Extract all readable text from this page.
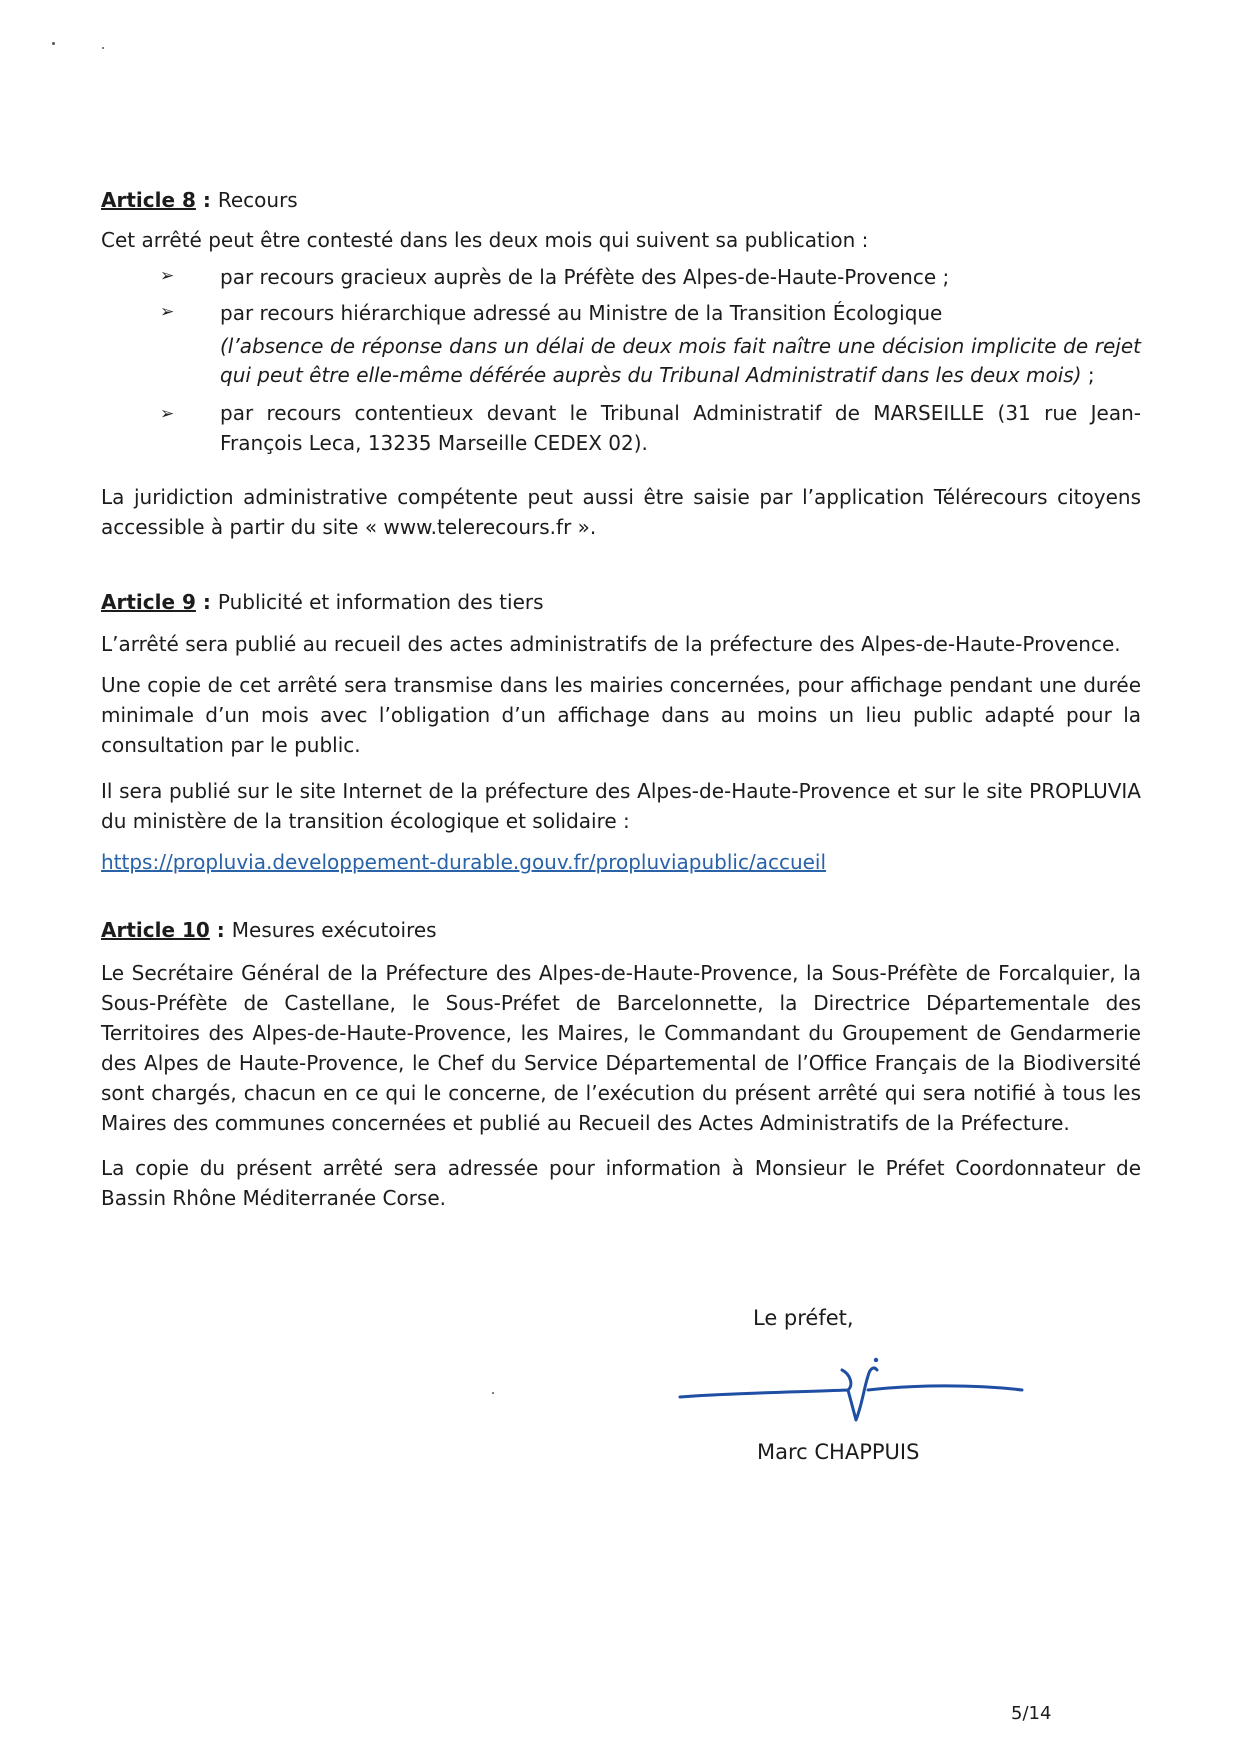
Article 8 : Recours
Cet arrêté peut être contesté dans les deux mois qui suivent sa publication :
➢ par recours gracieux auprès de la Préfète des Alpes-de-Haute-Provence ;
➢ par recours hiérarchique adressé au Ministre de la Transition Écologique
(l’absence de réponse dans un délai de deux mois fait naître une décision implicite de rejet qui peut être elle-même déférée auprès du Tribunal Administratif dans les deux mois) ;
➢ par recours contentieux devant le Tribunal Administratif de MARSEILLE (31 rue Jean-François Leca, 13235 Marseille CEDEX 02).
La juridiction administrative compétente peut aussi être saisie par l’application Télérecours citoyens accessible à partir du site « www.telerecours.fr ».
Article 9 : Publicité et information des tiers
L’arrêté sera publié au recueil des actes administratifs de la préfecture des Alpes-de-Haute-Provence.
Une copie de cet arrêté sera transmise dans les mairies concernées, pour affichage pendant une durée minimale d’un mois avec l’obligation d’un affichage dans au moins un lieu public adapté pour la consultation par le public.
Il sera publié sur le site Internet de la préfecture des Alpes-de-Haute-Provence et sur le site PROPLUVIA du ministère de la transition écologique et solidaire :
https://propluvia.developpement-durable.gouv.fr/propluviapublic/accueil
Article 10 : Mesures exécutoires
Le Secrétaire Général de la Préfecture des Alpes-de-Haute-Provence, la Sous-Préfète de Forcalquier, la Sous-Préfète de Castellane, le Sous-Préfet de Barcelonnette, la Directrice Départementale des Territoires des Alpes-de-Haute-Provence, les Maires, le Commandant du Groupement de Gendarmerie des Alpes de Haute-Provence, le Chef du Service Départemental de l’Office Français de la Biodiversité sont chargés, chacun en ce qui le concerne, de l’exécution du présent arrêté qui sera notifié à tous les Maires des communes concernées et publié au Recueil des Actes Administratifs de la Préfecture.
La copie du présent arrêté sera adressée pour information à Monsieur le Préfet Coordonnateur de Bassin Rhône Méditerranée Corse.
Le préfet,
Marc CHAPPUIS
5/14
